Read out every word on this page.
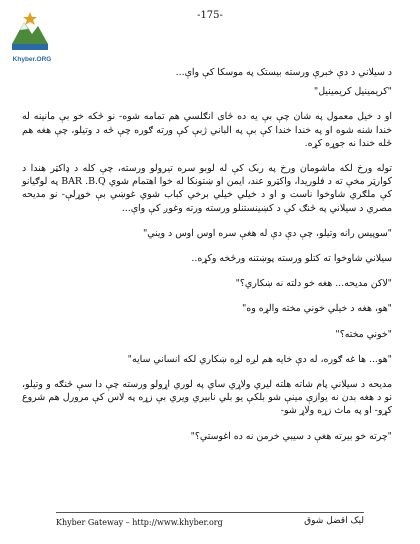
Khyber.ORG
-175-

د سیلاني د دې خبرې ورسته بیستک په موسکا کې واې...

"کریمینیل کریمینیل"

او د خیل معمول په شان چې بې یه ده څای انګلسي هم تمامه شوه- نو څکه خو بې مانینه له خندا شنه شوه او په خندا خندا کې بې په الباني ژبې کې ورته ګوره چې څه د وتیلو، چې هغه هم څله خندا نه جوړه کړه.

توله ورخ لکه ماشومان ورخ په ربک کې له لوبو سره تیرولو ورسته، چې کله د ډاکټر هندا د کوارټر مخې ته د فلوریدا، واکټرو عند، ایمن او ښتونکا له خوا اهتمام شوي BAR .B.Q په لوګیانو کې ملګري شاوخوا ناست و او د خیلي خیلي برخي کباب شوي غوښي بې خوړلې- نو مدیحه مصري د سیلاني په څنګ کې د کښینستنلو ورسته ورته وغوږ کې واې...

"سوپیس رانه وتیلو، چې دې دې له هغې سره اوس اوس د ویني"

سیلاني شاوخوا ته کتلو ورسته پوښتنه ورڅخه وکړه..

"لاکن مدیحه... هغه خو دلته نه ښکاري؟"

"هو، هغه د خیلي خوني مخته والړه وه"

"خوني مخته؟"

"هو... ها غه ګوره، له دې خايه هم لږه لږه ښکاري لکه انساني سایه"

مدیحه د سیلاني پام شاته هلته لیري ولاړي ساي په لوري اړولو ورسته چې دا سې څنګه و وتیلو، نو د هغه بدن نه یوازې مینې شو بلکې یو بلي نابیري ویري بې زړه په لاس کې مرورل هم شروع کړو- او په ماث زړه ولاړ شو-

"چرته خو بیرته هغې د سیبي خرمن نه ده اغوستي؟"

Khyber Gateway – http://www.khyber.org	لیک اقضل شوق
